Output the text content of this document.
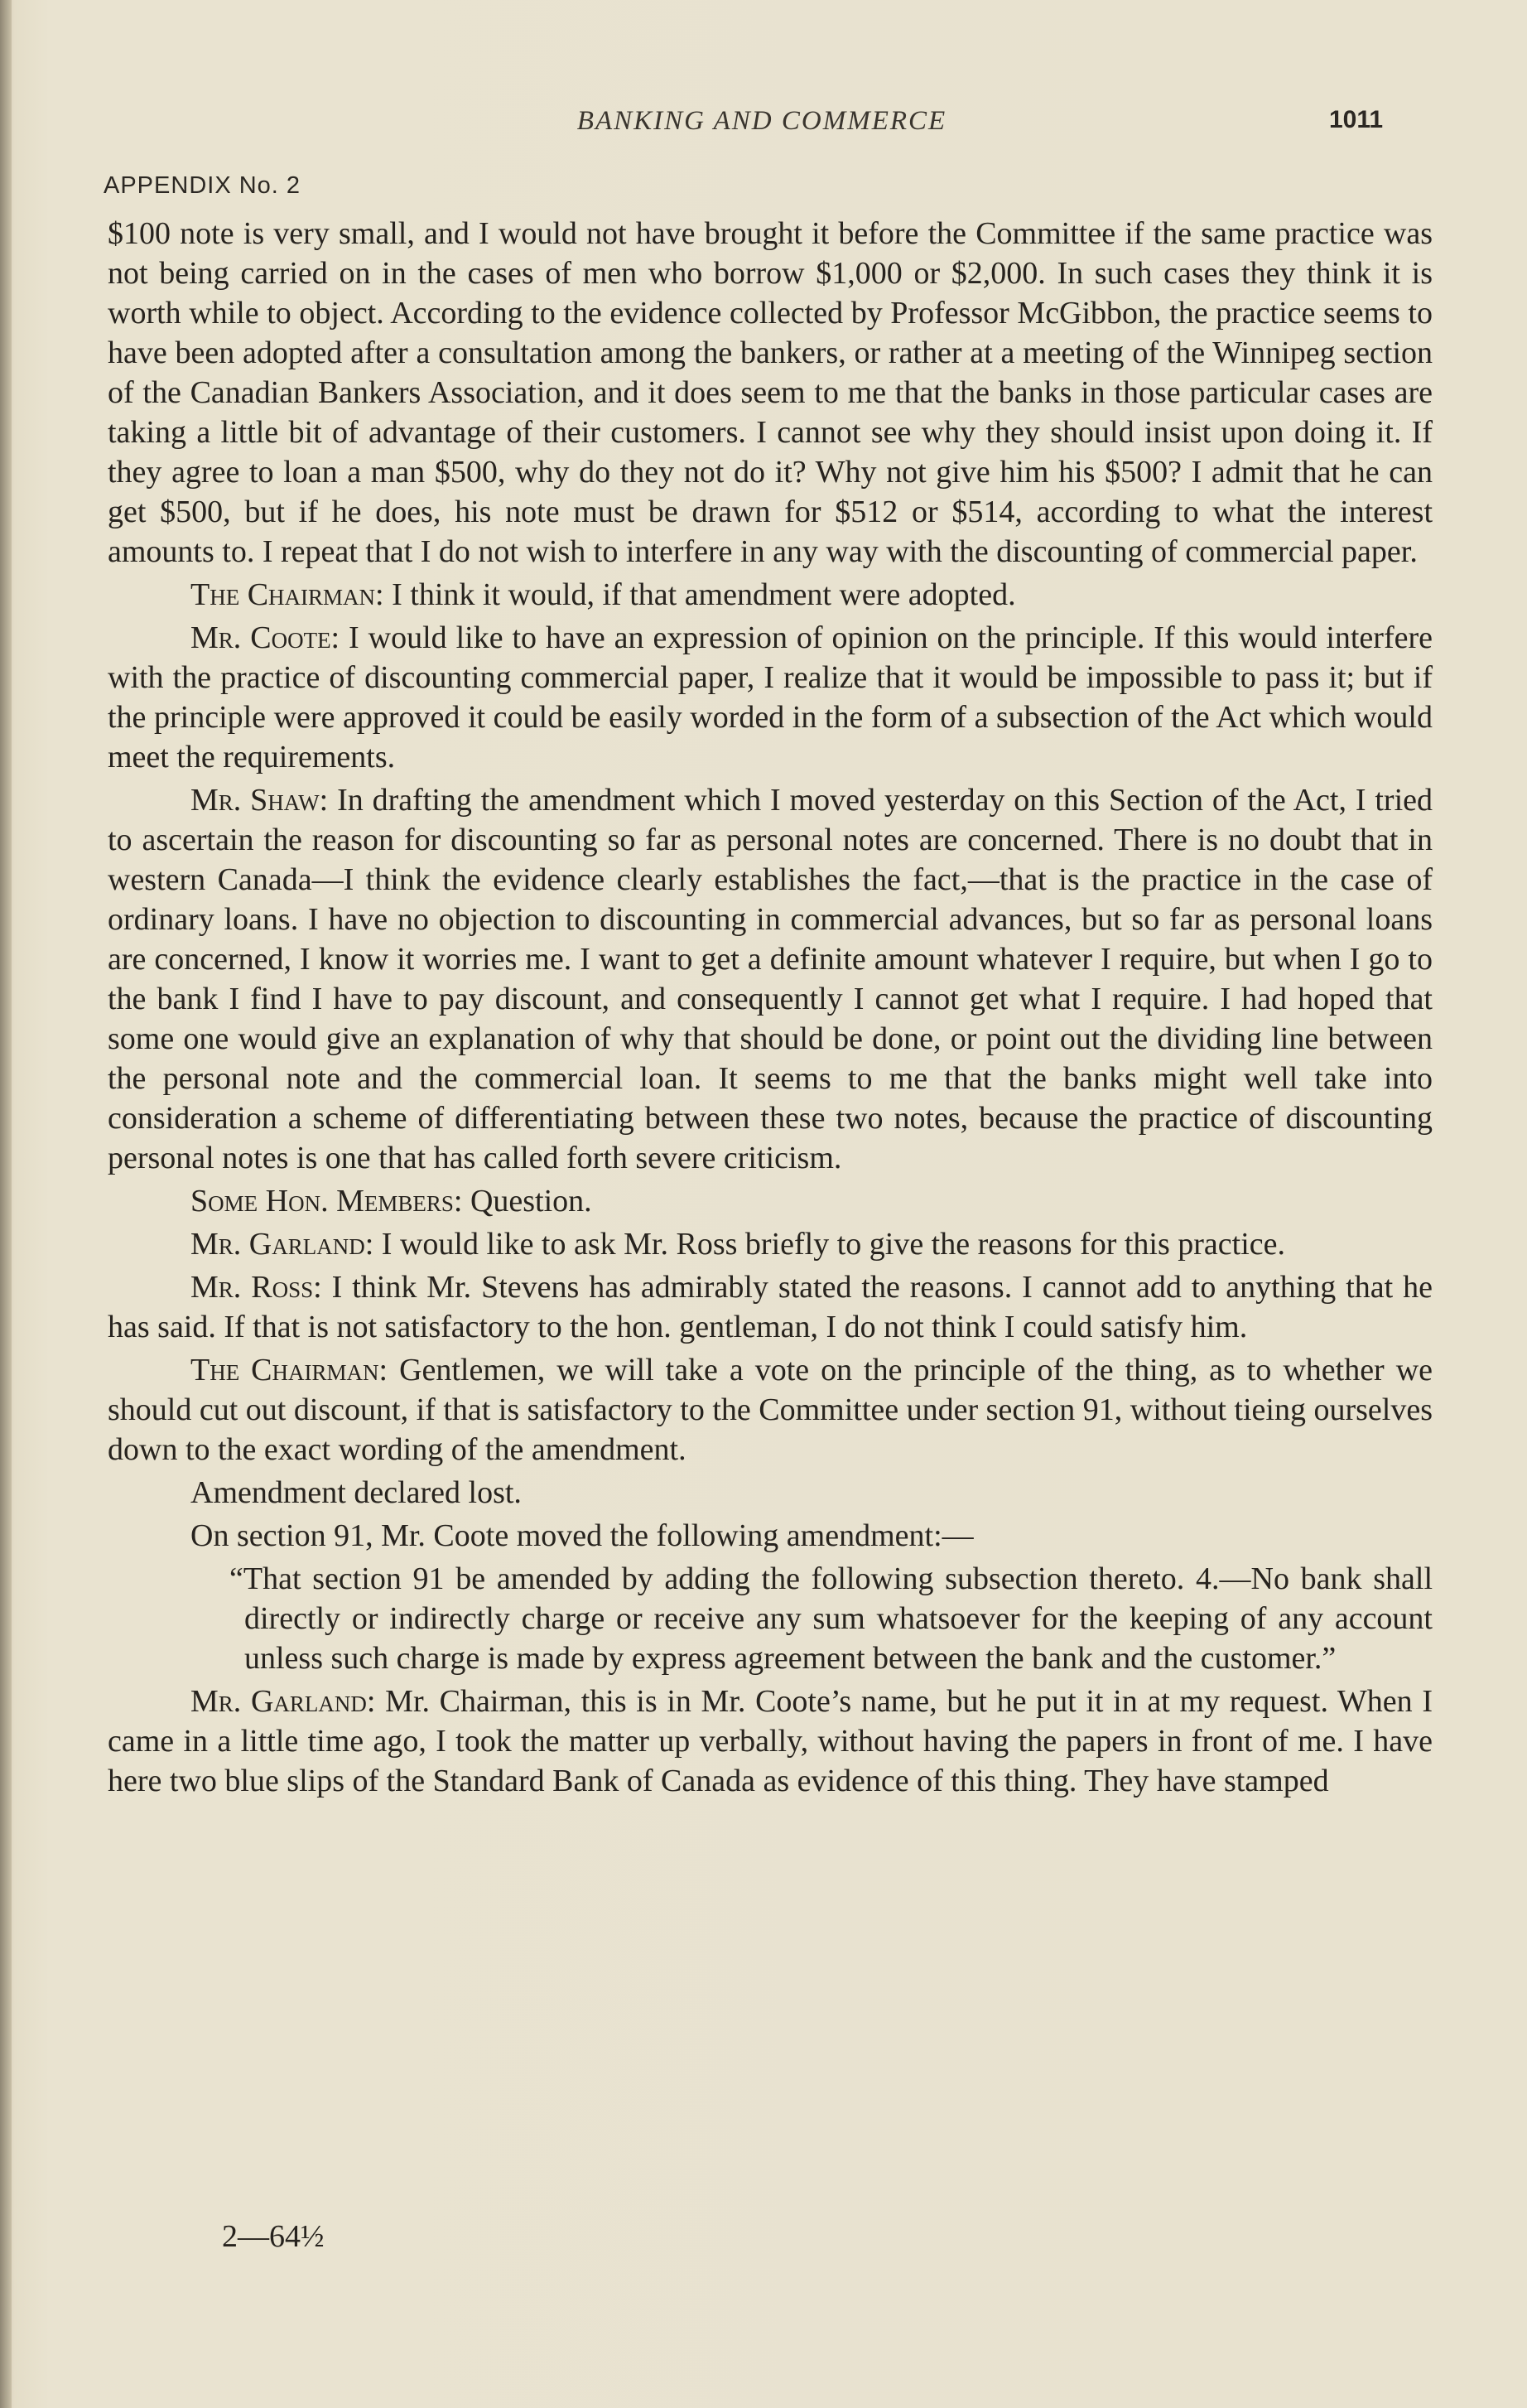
BANKING AND COMMERCE	1011
APPENDIX No. 2

$100 note is very small, and I would not have brought it before the Committee if the same practice was not being carried on in the cases of men who borrow $1,000 or $2,000. In such cases they think it is worth while to object. According to the evidence collected by Professor McGibbon, the practice seems to have been adopted after a consultation among the bankers, or rather at a meeting of the Winnipeg section of the Canadian Bankers Association, and it does seem to me that the banks in those particular cases are taking a little bit of advantage of their customers. I cannot see why they should insist upon doing it. If they agree to loan a man $500, why do they not do it? Why not give him his $500? I admit that he can get $500, but if he does, his note must be drawn for $512 or $514, according to what the interest amounts to. I repeat that I do not wish to interfere in any way with the discounting of commercial paper.

The Chairman: I think it would, if that amendment were adopted.

Mr. Coote: I would like to have an expression of opinion on the principle. If this would interfere with the practice of discounting commercial paper, I realize that it would be impossible to pass it; but if the principle were approved it could be easily worded in the form of a subsection of the Act which would meet the requirements.

Mr. Shaw: In drafting the amendment which I moved yesterday on this Section of the Act, I tried to ascertain the reason for discounting so far as personal notes are concerned. There is no doubt that in western Canada—I think the evidence clearly establishes the fact,—that is the practice in the case of ordinary loans. I have no objection to discounting in commercial advances, but so far as personal loans are concerned, I know it worries me. I want to get a definite amount whatever I require, but when I go to the bank I find I have to pay discount, and consequently I cannot get what I require. I had hoped that some one would give an explanation of why that should be done, or point out the dividing line between the personal note and the commercial loan. It seems to me that the banks might well take into consideration a scheme of differentiating between these two notes, because the practice of discounting personal notes is one that has called forth severe criticism.

Some Hon. Members: Question.

Mr. Garland: I would like to ask Mr. Ross briefly to give the reasons for this practice.

Mr. Ross: I think Mr. Stevens has admirably stated the reasons. I cannot add to anything that he has said. If that is not satisfactory to the hon. gentleman, I do not think I could satisfy him.

The Chairman: Gentlemen, we will take a vote on the principle of the thing, as to whether we should cut out discount, if that is satisfactory to the Committee under section 91, without tieing ourselves down to the exact wording of the amendment.

Amendment declared lost.

On section 91, Mr. Coote moved the following amendment:—

“That section 91 be amended by adding the following subsection thereto. 4.—No bank shall directly or indirectly charge or receive any sum whatsoever for the keeping of any account unless such charge is made by express agreement between the bank and the customer.”

Mr. Garland: Mr. Chairman, this is in Mr. Coote’s name, but he put it in at my request. When I came in a little time ago, I took the matter up verbally, without having the papers in front of me. I have here two blue slips of the Standard Bank of Canada as evidence of this thing. They have stamped

2—64½
